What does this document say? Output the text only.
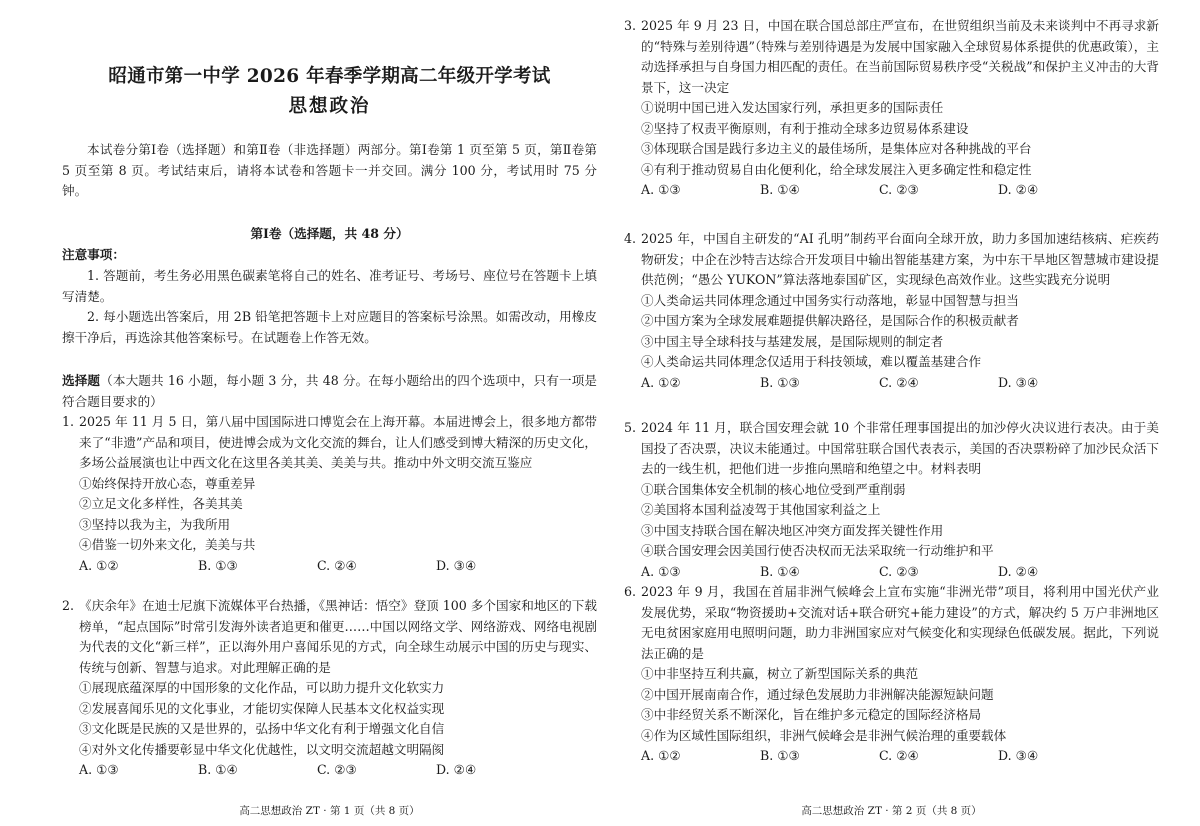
昭通市第一中学 2026 年春季学期高二年级开学考试
思想政治
本试卷分第Ⅰ卷（选择题）和第Ⅱ卷（非选择题）两部分。第Ⅰ卷第 1 页至第 5 页，第Ⅱ卷第 5 页至第 8 页。考试结束后，请将本试卷和答题卡一并交回。满分 100 分，考试用时 75 分钟。
第Ⅰ卷（选择题，共 48 分）
注意事项：
1. 答题前，考生务必用黑色碳素笔将自己的姓名、准考证号、考场号、座位号在答题卡上填写清楚。
2. 每小题选出答案后，用 2B 铅笔把答题卡上对应题目的答案标号涂黑。如需改动，用橡皮擦干净后，再选涂其他答案标号。在试题卷上作答无效。
选择题（本大题共 16 小题，每小题 3 分，共 48 分。在每小题给出的四个选项中，只有一项是符合题目要求的）
1. 2025 年 11 月 5 日，第八届中国国际进口博览会在上海开幕。本届进博会上，很多地方都带来了“非遗”产品和项目，使进博会成为文化交流的舞台，让人们感受到博大精深的历史文化，多场公益展演也让中西文化在这里各美其美、美美与共。推动中外文明交流互鉴应
①始终保持开放心态，尊重差异
②立足文化多样性，各美其美
③坚持以我为主，为我所用
④借鉴一切外来文化，美美与共
A. ①②	B. ①③	C. ②④	D. ③④
2. 《庆余年》在迪士尼旗下流媒体平台热播，《黑神话：悟空》登顶 100 多个国家和地区的下载榜单，“起点国际”时常引发海外读者追更和催更……中国以网络文学、网络游戏、网络电视剧为代表的文化“新三样”，正以海外用户喜闻乐见的方式，向全球生动展示中国的历史与现实、传统与创新、智慧与追求。对此理解正确的是
①展现底蕴深厚的中国形象的文化作品，可以助力提升文化软实力
②发展喜闻乐见的文化事业，才能切实保障人民基本文化权益实现
③文化既是民族的又是世界的，弘扬中华文化有利于增强文化自信
④对外文化传播要彰显中华文化优越性，以文明交流超越文明隔阂
A. ①③	B. ①④	C. ②③	D. ②④
高二思想政治 ZT · 第 1 页（共 8 页）
3. 2025 年 9 月 23 日，中国在联合国总部庄严宣布，在世贸组织当前及未来谈判中不再寻求新的“特殊与差别待遇”（特殊与差别待遇是为发展中国家融入全球贸易体系提供的优惠政策），主动选择承担与自身国力相匹配的责任。在当前国际贸易秩序受“关税战”和保护主义冲击的大背景下，这一决定
①说明中国已进入发达国家行列，承担更多的国际责任
②坚持了权责平衡原则，有利于推动全球多边贸易体系建设
③体现联合国是践行多边主义的最佳场所，是集体应对各种挑战的平台
④有利于推动贸易自由化便利化，给全球发展注入更多确定性和稳定性
A. ①③	B. ①④	C. ②③	D. ②④
4. 2025 年，中国自主研发的“AI 孔明”制药平台面向全球开放，助力多国加速结核病、疟疾药物研发；中企在沙特吉达综合开发项目中输出智能基建方案，为中东干旱地区智慧城市建设提供范例；“愚公 YUKON”算法落地泰国矿区，实现绿色高效作业。这些实践充分说明
①人类命运共同体理念通过中国务实行动落地，彰显中国智慧与担当
②中国方案为全球发展难题提供解决路径，是国际合作的积极贡献者
③中国主导全球科技与基建发展，是国际规则的制定者
④人类命运共同体理念仅适用于科技领域，难以覆盖基建合作
A. ①②	B. ①③	C. ②④	D. ③④
5. 2024 年 11 月，联合国安理会就 10 个非常任理事国提出的加沙停火决议进行表决。由于美国投了否决票，决议未能通过。中国常驻联合国代表表示，美国的否决票粉碎了加沙民众活下去的一线生机，把他们进一步推向黑暗和绝望之中。材料表明
①联合国集体安全机制的核心地位受到严重削弱
②美国将本国利益凌驾于其他国家利益之上
③中国支持联合国在解决地区冲突方面发挥关键性作用
④联合国安理会因美国行使否决权而无法采取统一行动维护和平
A. ①③	B. ①④	C. ②③	D. ②④
6. 2023 年 9 月，我国在首届非洲气候峰会上宣布实施“非洲光带”项目，将利用中国光伏产业发展优势，采取“物资援助+交流对话+联合研究+能力建设”的方式，解决约 5 万户非洲地区无电贫困家庭用电照明问题，助力非洲国家应对气候变化和实现绿色低碳发展。据此，下列说法正确的是
①中非坚持互利共赢，树立了新型国际关系的典范
②中国开展南南合作，通过绿色发展助力非洲解决能源短缺问题
③中非经贸关系不断深化，旨在维护多元稳定的国际经济格局
④作为区域性国际组织，非洲气候峰会是非洲气候治理的重要载体
A. ①②	B. ①③	C. ②④	D. ③④
高二思想政治 ZT · 第 2 页（共 8 页）
